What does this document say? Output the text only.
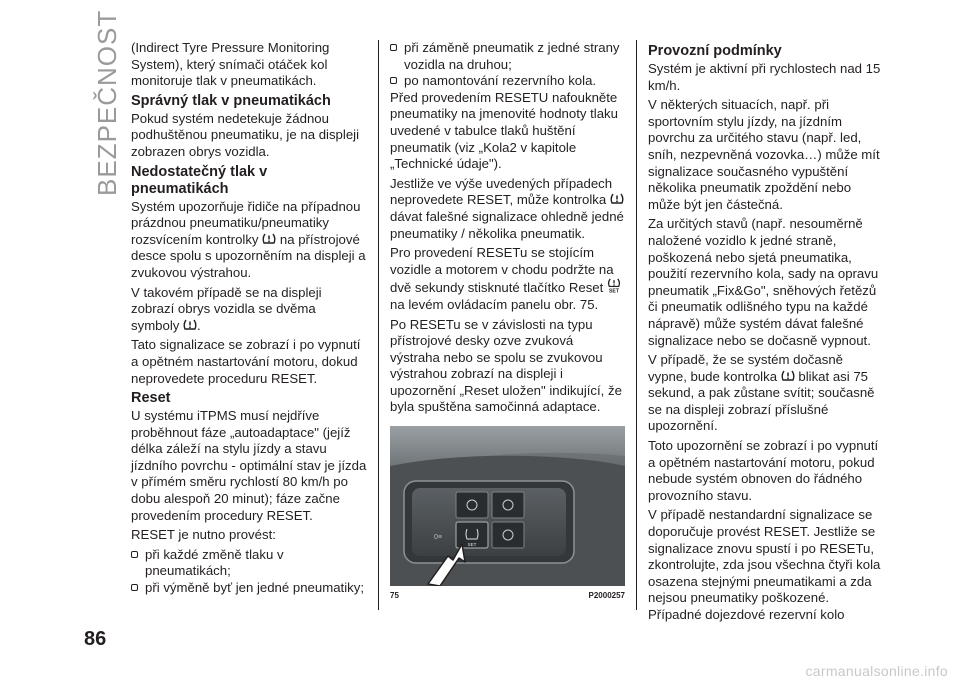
BEZPEČNOST (Indirect Tyre Pressure Monitoring System), který snímači otáček kol monitoruje tlak v pneumatikách.

Správný tlak v pneumatikách

Pokud systém nedetekuje žádnou podhuštěnou pneumatiku, je na displeji zobrazen obrys vozidla.

Nedostatečný tlak v pneumatikách

Systém upozorňuje řidiče na případnou prázdnou pneumatiku/pneumatiky rozsvícením kontrolky na přístrojové desce spolu s upozorněním na displeji a zvukovou výstrahou.

V takovém případě se na displeji zobrazí obrys vozidla se dvěma symboly .

Tato signalizace se zobrazí i po vypnutí a opětném nastartování motoru, dokud neprovedete proceduru RESET.

Reset

U systému iTPMS musí nejdříve proběhnout fáze „autoadaptace" (jejíž délka záleží na stylu jízdy a stavu jízdního povrchu - optimální stav je jízda v přímém směru rychlostí 80 km/h po dobu alespoň 20 minut); fáze začne provedením procedury RESET.

RESET je nutno provést:

při každé změně tlaku v pneumatikách;
při výměně byť jen jedné pneumatiky;
při záměně pneumatik z jedné strany vozidla na druhou;
po namontování rezervního kola.

Před provedením RESETU nafoukněte pneumatiky na jmenovité hodnoty tlaku uvedené v tabulce tlaků huštění pneumatik (viz „Kola2 v kapitole „Technické údaje").

Jestliže ve výše uvedených případech neprovedete RESET, může kontrolka  dávat falešné signalizace ohledně jedné pneumatiky / několika pneumatik.

Pro provedení RESETu se stojícím vozidle a motorem v chodu podržte na dvě sekundy stisknuté tlačítko Reset SET
na levém ovládacím panelu obr. 75.

Po RESETu se v závislosti na typu přístrojové desky ozve zvuková výstraha nebo se spolu se zvukovou výstrahou zobrazí na displeji i upozornění „Reset uložen" indikující, že byla spuštěna samočinná adaptace.

SET
0≡
75	P2000257
Provozní podmínky

Systém je aktivní při rychlostech nad 15 km/h.

V některých situacích, např. při sportovním stylu jízdy, na jízdním povrchu za určitého stavu (např. led, sníh, nezpevněná vozovka…) může mít signalizace současného vypuštění několika pneumatik zpoždění nebo může být jen částečná.

Za určitých stavů (např. nesouměrně naložené vozidlo k jedné straně, poškozená nebo sjetá pneumatika, použití rezervního kola, sady na opravu pneumatik „Fix&Go", sněhových řetězů či pneumatik odlišného typu na každé nápravě) může systém dávat falešné signalizace nebo se dočasně vypnout.

V případě, že se systém dočasně vypne, bude kontrolka blikat asi 75 sekund, a pak zůstane svítit; současně se na displeji zobrazí příslušné upozornění.

Toto upozornění se zobrazí i po vypnutí a opětném nastartování motoru, pokud nebude systém obnoven do řádného provozního stavu.

V případě nestandardní signalizace se doporučuje provést RESET. Jestliže se signalizace znovu spustí i po RESETu, zkontrolujte, zda jsou všechna čtyři kola osazena stejnými pneumatikami a zda nejsou pneumatiky poškozené. Případné dojezdové rezervní kolo

86
carmanualsonline.info
